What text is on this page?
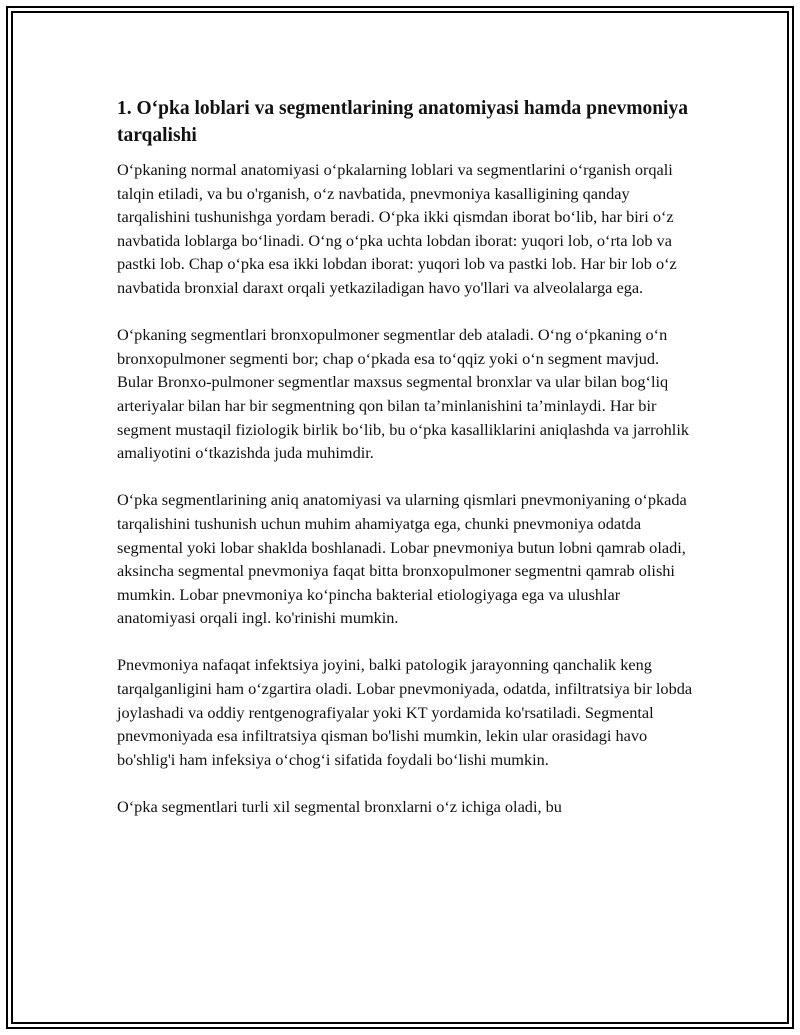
1. O‘pka loblari va segmentlarining anatomiyasi hamda pnevmoniya tarqalishi

O‘pkaning normal anatomiyasi o‘pkalarning loblari va segmentlarini o‘rganish orqali talqin etiladi, va bu o'rganish, o‘z navbatida, pnevmoniya kasalligining qanday tarqalishini tushunishga yordam beradi. O‘pka ikki qismdan iborat bo‘lib, har biri o‘z navbatida loblarga bo‘linadi. O‘ng o‘pka uchta lobdan iborat: yuqori lob, o‘rta lob va pastki lob. Chap o‘pka esa ikki lobdan iborat: yuqori lob va pastki lob. Har bir lob o‘z navbatida bronxial daraxt orqali yetkaziladigan havo yo'llari va alveolalarga ega.

O‘pkaning segmentlari bronxopulmoner segmentlar deb ataladi. O‘ng o‘pkaning o‘n bronxopulmoner segmenti bor; chap o‘pkada esa to‘qqiz yoki o‘n segment mavjud. Bular Bronxo-pulmoner segmentlar maxsus segmental bronxlar va ular bilan bog‘liq arteriyalar bilan har bir segmentning qon bilan ta’minlanishini ta’minlaydi. Har bir segment mustaqil fiziologik birlik bo‘lib, bu o‘pka kasalliklarini aniqlashda va jarrohlik amaliyotini o‘tkazishda juda muhimdir.

O‘pka segmentlarining aniq anatomiyasi va ularning qismlari pnevmoniyaning o‘pkada tarqalishini tushunish uchun muhim ahamiyatga ega, chunki pnevmoniya odatda segmental yoki lobar shaklda boshlanadi. Lobar pnevmoniya butun lobni qamrab oladi, aksincha segmental pnevmoniya faqat bitta bronxopulmoner segmentni qamrab olishi mumkin. Lobar pnevmoniya ko‘pincha bakterial etiologiyaga ega va ulushlar anatomiyasi orqali ingl. ko'rinishi mumkin.

Pnevmoniya nafaqat infektsiya joyini, balki patologik jarayonning qanchalik keng tarqalganligini ham o‘zgartira oladi. Lobar pnevmoniyada, odatda, infiltratsiya bir lobda joylashadi va oddiy rentgenografiyalar yoki KT yordamida ko'rsatiladi. Segmental pnevmoniyada esa infiltratsiya qisman bo'lishi mumkin, lekin ular orasidagi havo bo'shlig'i ham infeksiya o‘chog‘i sifatida foydali bo‘lishi mumkin.

O‘pka segmentlari turli xil segmental bronxlarni o‘z ichiga oladi, bu
